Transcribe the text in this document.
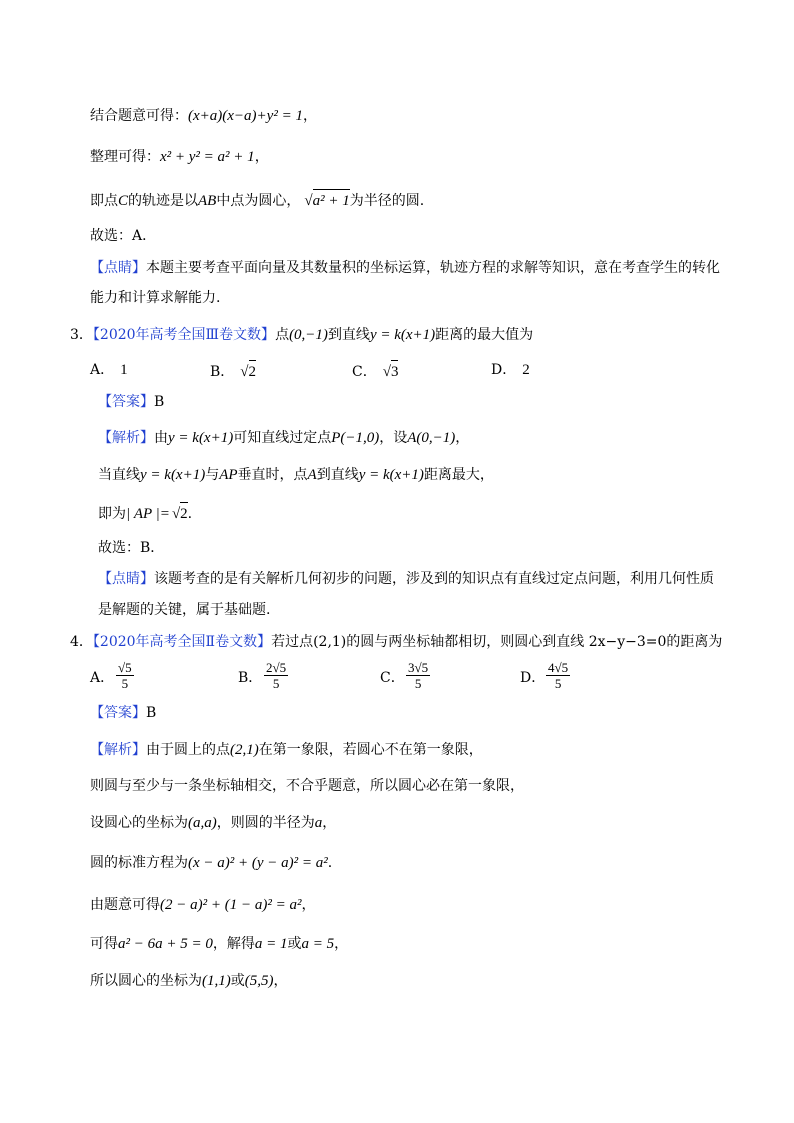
结合题意可得：(x+a)(x−a)+y² = 1，
整理可得：x² + y² = a² + 1，
即点C的轨迹是以AB中点为圆心， √a² + 1为半径的圆.
故选：A．
【点睛】本题主要考查平面向量及其数量积的坐标运算，轨迹方程的求解等知识，意在考查学生的转化
能力和计算求解能力.
3．【2020年高考全国Ⅲ卷文数】点(0,−1)到直线y = k(x+1)距离的最大值为
A． 1	B． √2	C． √3	D． 2
【答案】B
【解析】由y = k(x+1)可知直线过定点P(−1,0)，设A(0,−1)，
当直线y = k(x+1)与AP垂直时，点A到直线y = k(x+1)距离最大，
即为| AP |= √2.
故选：B．
【点睛】该题考查的是有关解析几何初步的问题，涉及到的知识点有直线过定点问题，利用几何性质
是解题的关键，属于基础题.
4．【2020年高考全国Ⅱ卷文数】若过点(2,1)的圆与两坐标轴都相切，则圆心到直线 2x−y−3=0的距离为
A． $\frac{√5}{5}$	B． $\frac{2√5}{5}$	C． $\frac{3√5}{5}$	D． $\frac{4√5}{5}$
【答案】B
【解析】由于圆上的点(2,1)在第一象限，若圆心不在第一象限，
则圆与至少与一条坐标轴相交，不合乎题意，所以圆心必在第一象限，
设圆心的坐标为(a,a)，则圆的半径为a，
圆的标准方程为(x − a)² + (y − a)² = a².
由题意可得(2 − a)² + (1 − a)² = a²，
可得a² − 6a + 5 = 0，解得a = 1或a = 5，
所以圆心的坐标为(1,1)或(5,5)，
